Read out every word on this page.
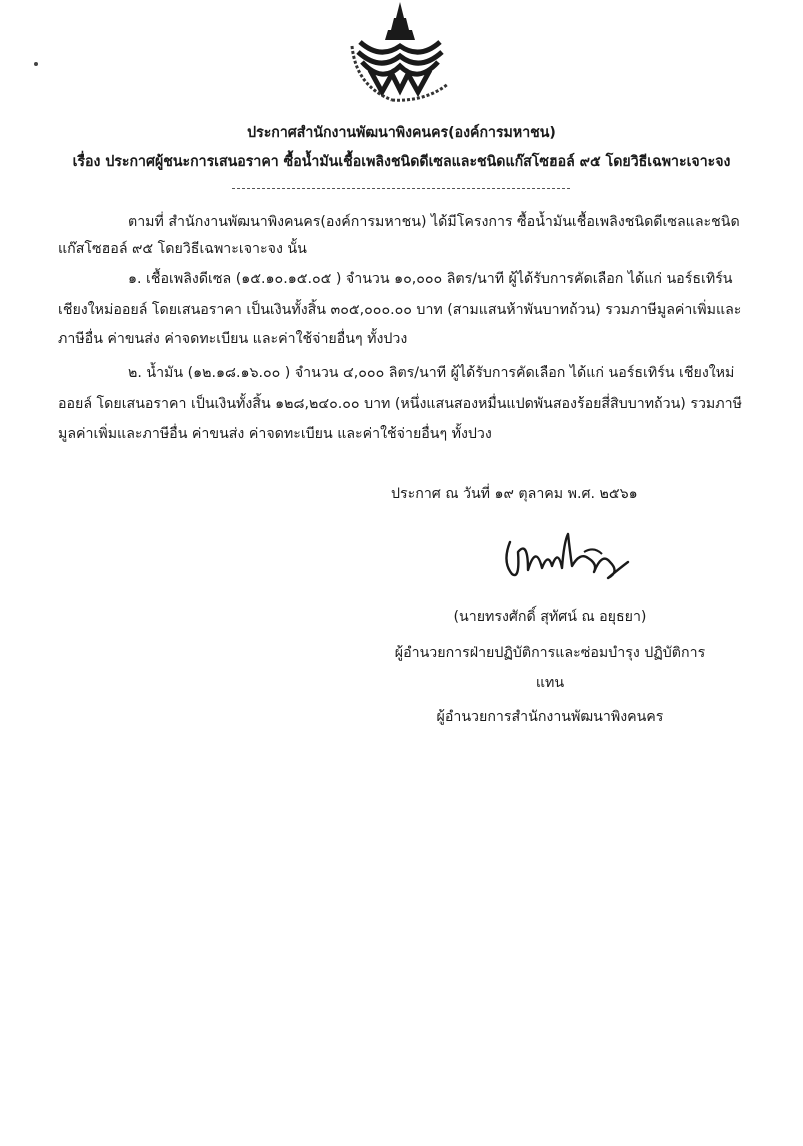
ประกาศสำนักงานพัฒนาพิงคนคร(องค์การมหาชน)
เรื่อง ประกาศผู้ชนะการเสนอราคา ซื้อน้ำมันเชื้อเพลิงชนิดดีเซลและชนิดแก๊สโซฮอล์ ๙๕ โดยวิธีเฉพาะเจาะจง
ตามที่ สำนักงานพัฒนาพิงคนคร(องค์การมหาชน) ได้มีโครงการ ซื้อน้ำมันเชื้อเพลิงชนิดดีเซลและชนิด
แก๊สโซฮอล์ ๙๕ โดยวิธีเฉพาะเจาะจง นั้น
๑. เชื้อเพลิงดีเซล (๑๕.๑๐.๑๕.๐๕ ) จำนวน ๑๐,๐๐๐ ลิตร/นาที ผู้ได้รับการคัดเลือก ได้แก่ นอร์ธเทิร์น
เชียงใหม่ออยล์ โดยเสนอราคา เป็นเงินทั้งสิ้น ๓๐๕,๐๐๐.๐๐ บาท (สามแสนห้าพันบาทถ้วน) รวมภาษีมูลค่าเพิ่มและ
ภาษีอื่น ค่าขนส่ง ค่าจดทะเบียน และค่าใช้จ่ายอื่นๆ ทั้งปวง
๒. น้ำมัน (๑๒.๑๘.๑๖.๐๐ ) จำนวน ๔,๐๐๐ ลิตร/นาที ผู้ได้รับการคัดเลือก ได้แก่ นอร์ธเทิร์น เชียงใหม่
ออยล์ โดยเสนอราคา เป็นเงินทั้งสิ้น ๑๒๘,๒๔๐.๐๐ บาท (หนึ่งแสนสองหมื่นแปดพันสองร้อยสี่สิบบาทถ้วน) รวมภาษี
มูลค่าเพิ่มและภาษีอื่น ค่าขนส่ง ค่าจดทะเบียน และค่าใช้จ่ายอื่นๆ ทั้งปวง
ประกาศ ณ วันที่ ๑๙ ตุลาคม พ.ศ. ๒๕๖๑
(นายทรงศักดิ์ สุทัศน์ ณ อยุธยา)
ผู้อำนวยการฝ่ายปฏิบัติการและซ่อมบำรุง ปฏิบัติการ
แทน
ผู้อำนวยการสำนักงานพัฒนาพิงคนคร
